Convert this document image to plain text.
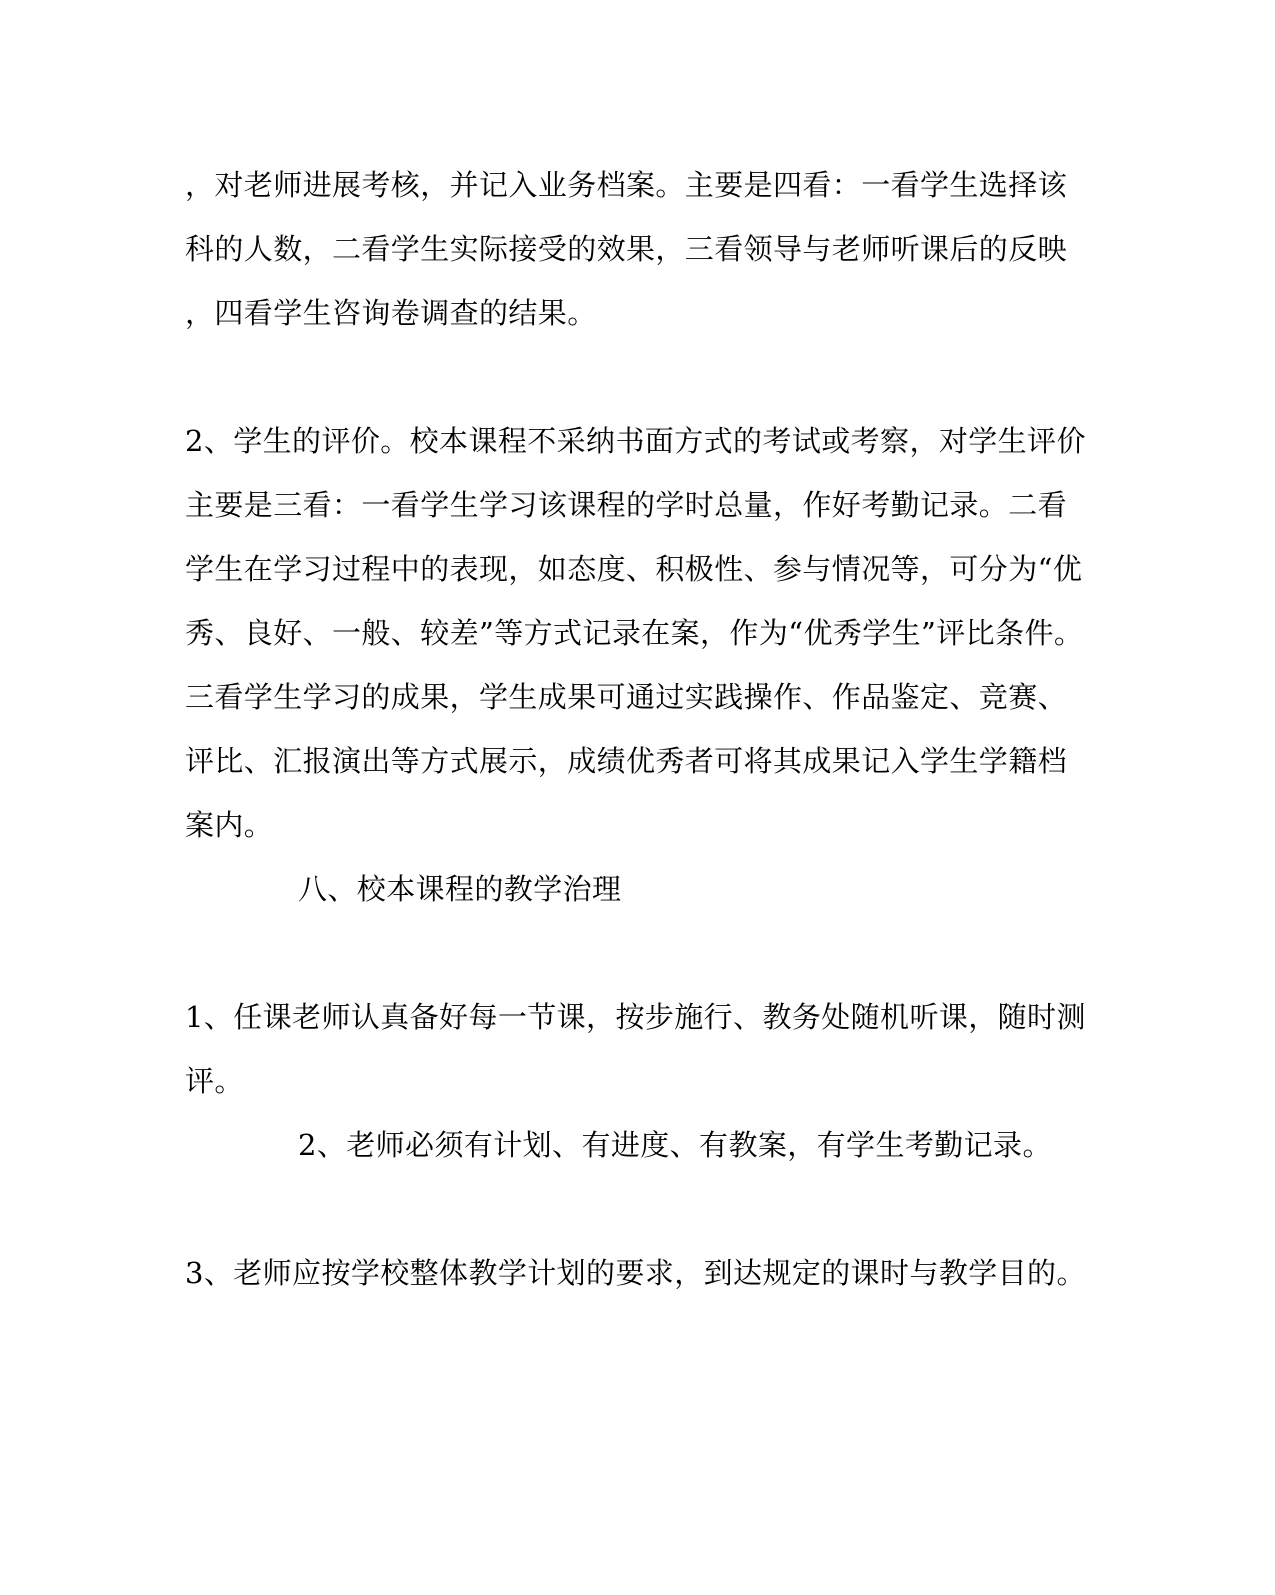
，对老师进展考核，并记入业务档案。主要是四看：一看学生选择该
科的人数，二看学生实际接受的效果，三看领导与老师听课后的反映
，四看学生咨询卷调查的结果。
2、学生的评价。校本课程不采纳书面方式的考试或考察，对学生评价
主要是三看：一看学生学习该课程的学时总量，作好考勤记录。二看
学生在学习过程中的表现，如态度、积极性、参与情况等，可分为“优
秀、良好、一般、较差”等方式记录在案，作为“优秀学生”评比条件。
三看学生学习的成果，学生成果可通过实践操作、作品鉴定、竞赛、
评比、汇报演出等方式展示，成绩优秀者可将其成果记入学生学籍档
案内。
八、校本课程的教学治理
1、任课老师认真备好每一节课，按步施行、教务处随机听课，随时测
评。
2、老师必须有计划、有进度、有教案，有学生考勤记录。
3、老师应按学校整体教学计划的要求，到达规定的课时与教学目的。
